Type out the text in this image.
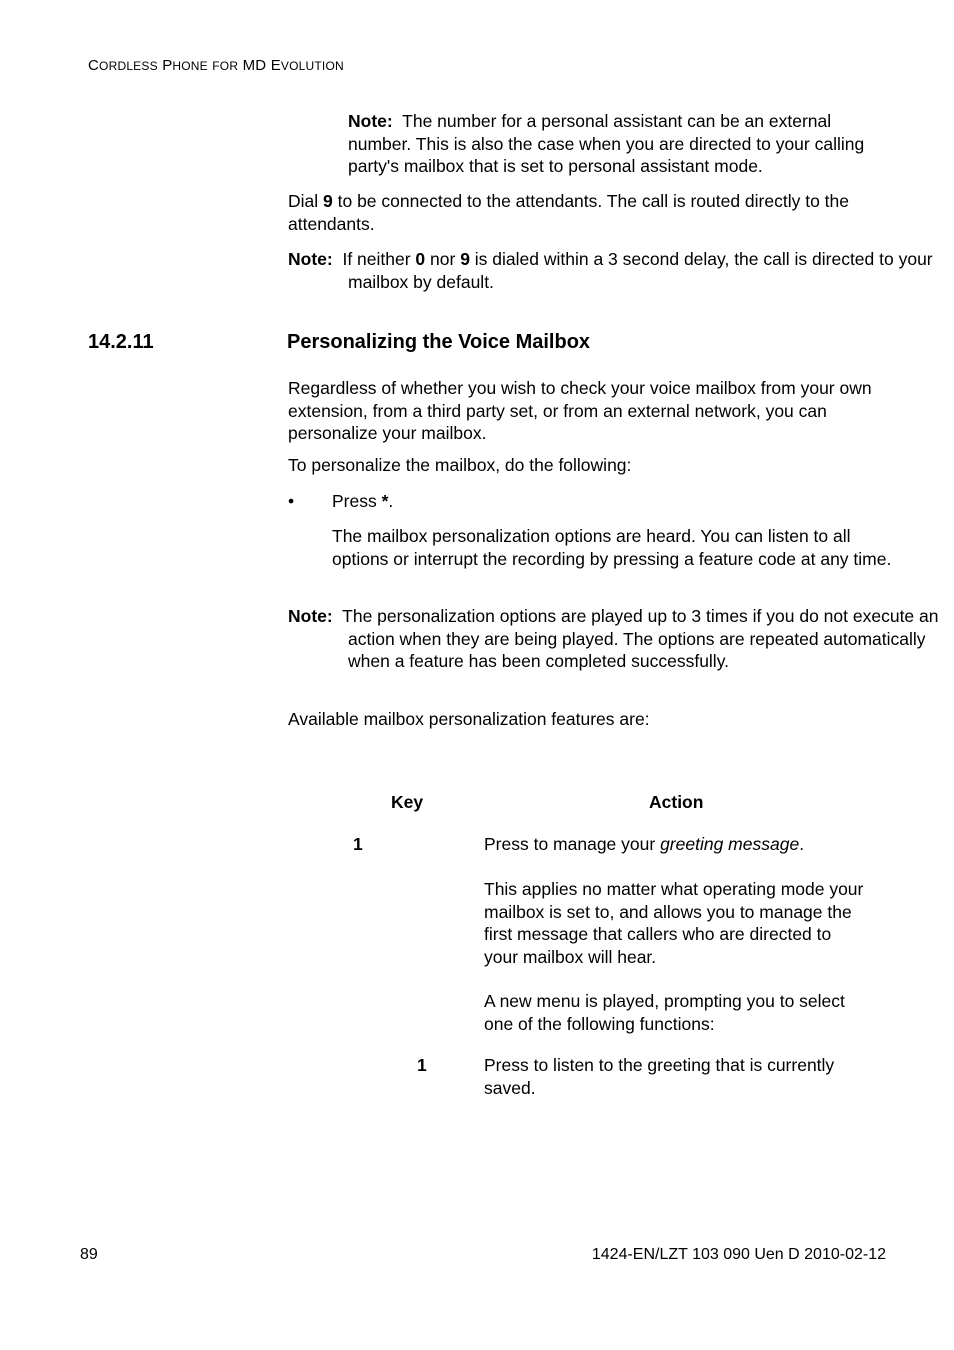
CORDLESS PHONE FOR MD EVOLUTION

Note: The number for a personal assistant can be an external number. This is also the case when you are directed to your calling party's mailbox that is set to personal assistant mode.

Dial 9 to be connected to the attendants. The call is routed directly to the attendants.

Note: If neither 0 nor 9 is dialed within a 3 second delay, the call is directed to your mailbox by default.

14.2.11	Personalizing the Voice Mailbox

Regardless of whether you wish to check your voice mailbox from your own extension, from a third party set, or from an external network, you can personalize your mailbox.

To personalize the mailbox, do the following:

• Press *.

The mailbox personalization options are heard. You can listen to all options or interrupt the recording by pressing a feature code at any time.

Note: The personalization options are played up to 3 times if you do not execute an action when they are being played. The options are repeated automatically when a feature has been completed successfully.

Available mailbox personalization features are:

Key	Action
1	Press to manage your greeting message.

This applies no matter what operating mode your mailbox is set to, and allows you to manage the first message that callers who are directed to your mailbox will hear.

A new menu is played, prompting you to select one of the following functions:

1	Press to listen to the greeting that is currently saved.

89	1424-EN/LZT 103 090 Uen D 2010-02-12
